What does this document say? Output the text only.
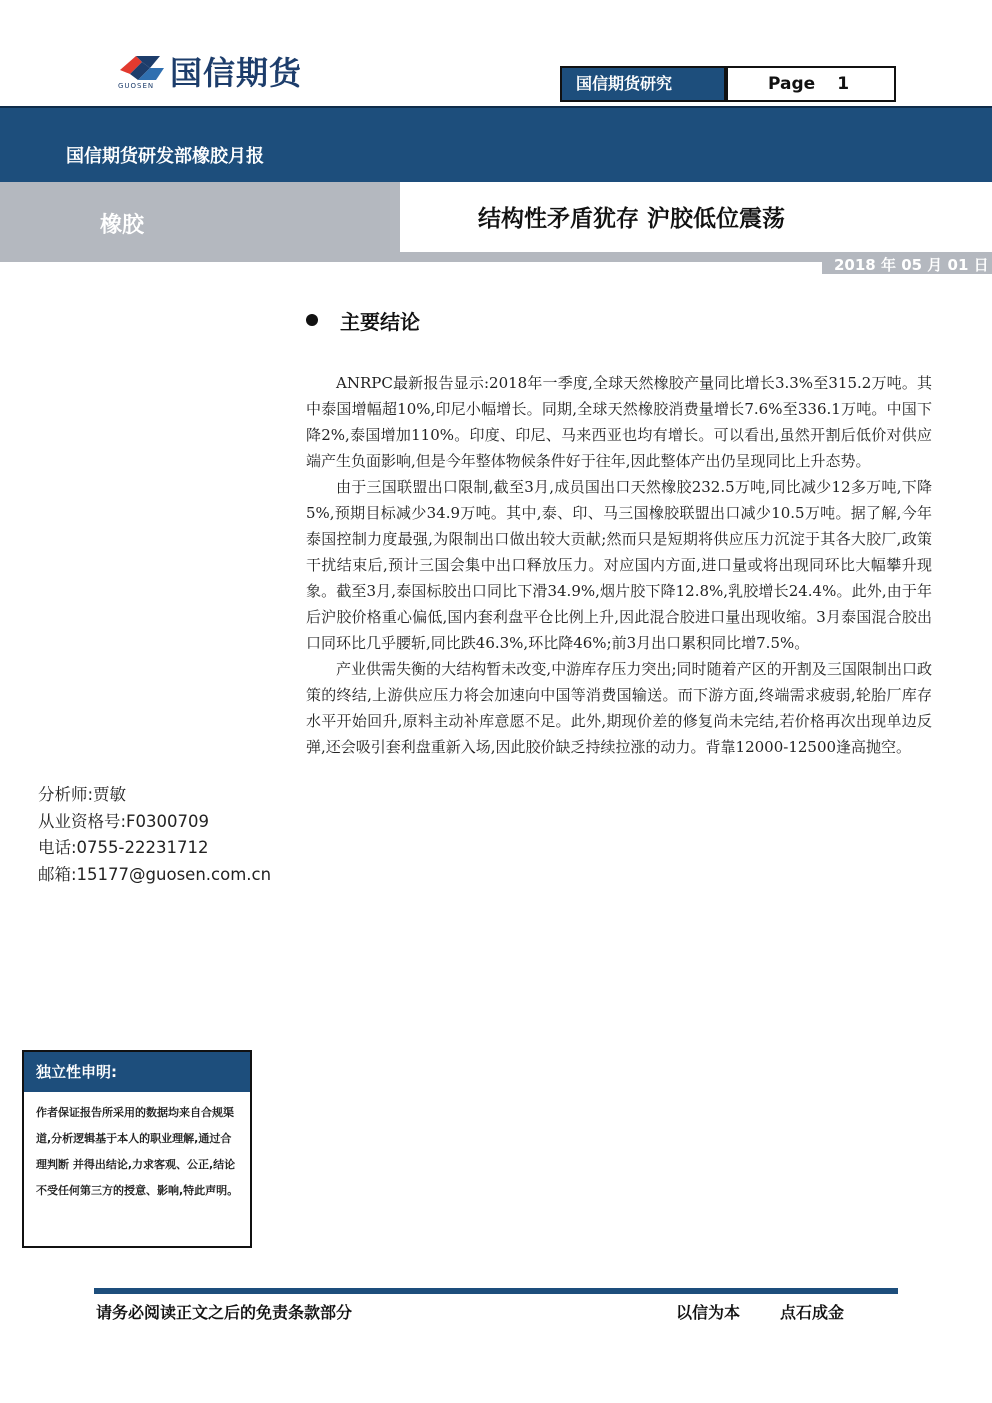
国信期货
GUOSEN	国信期货研究	Page 1
国信期货研发部橡胶月报
橡胶	结构性矛盾犹存 沪胶低位震荡
2018 年 05 月 01 日
主要结论

ANRPC最新报告显示:2018年一季度,全球天然橡胶产量同比增长3.3%至315.2万吨。其中泰国增幅超10%,印尼小幅增长。同期,全球天然橡胶消费量增长7.6%至336.1万吨。中国下降2%,泰国增加110%。印度、印尼、马来西亚也均有增长。可以看出,虽然开割后低价对供应端产生负面影响,但是今年整体物候条件好于往年,因此整体产出仍呈现同比上升态势。

由于三国联盟出口限制,截至3月,成员国出口天然橡胶232.5万吨,同比减少12多万吨,下降5%,预期目标减少34.9万吨。其中,泰、印、马三国橡胶联盟出口减少10.5万吨。据了解,今年泰国控制力度最强,为限制出口做出较大贡献;然而只是短期将供应压力沉淀于其各大胶厂,政策干扰结束后,预计三国会集中出口释放压力。对应国内方面,进口量或将出现同环比大幅攀升现象。截至3月,泰国标胶出口同比下滑34.9%,烟片胶下降12.8%,乳胶增长24.4%。此外,由于年后沪胶价格重心偏低,国内套利盘平仓比例上升,因此混合胶进口量出现收缩。3月泰国混合胶出口同环比几乎腰斩,同比跌46.3%,环比降46%;前3月出口累积同比增7.5%。

产业供需失衡的大结构暂未改变,中游库存压力突出;同时随着产区的开割及三国限制出口政策的终结,上游供应压力将会加速向中国等消费国输送。而下游方面,终端需求疲弱,轮胎厂库存水平开始回升,原料主动补库意愿不足。此外,期现价差的修复尚未完结,若价格再次出现单边反弹,还会吸引套利盘重新入场,因此胶价缺乏持续拉涨的动力。背靠12000-12500逢高抛空。

分析师:贾敏
从业资格号:F0300709
电话:0755-22231712
邮箱:15177@guosen.com.cn
独立性申明:
作者保证报告所采用的数据均来自合规渠道,分析逻辑基于本人的职业理解,通过合理判断 并得出结论,力求客观、公正,结论不受任何第三方的授意、影响,特此声明。
请务必阅读正文之后的免责条款部分	以信为本 点石成金
